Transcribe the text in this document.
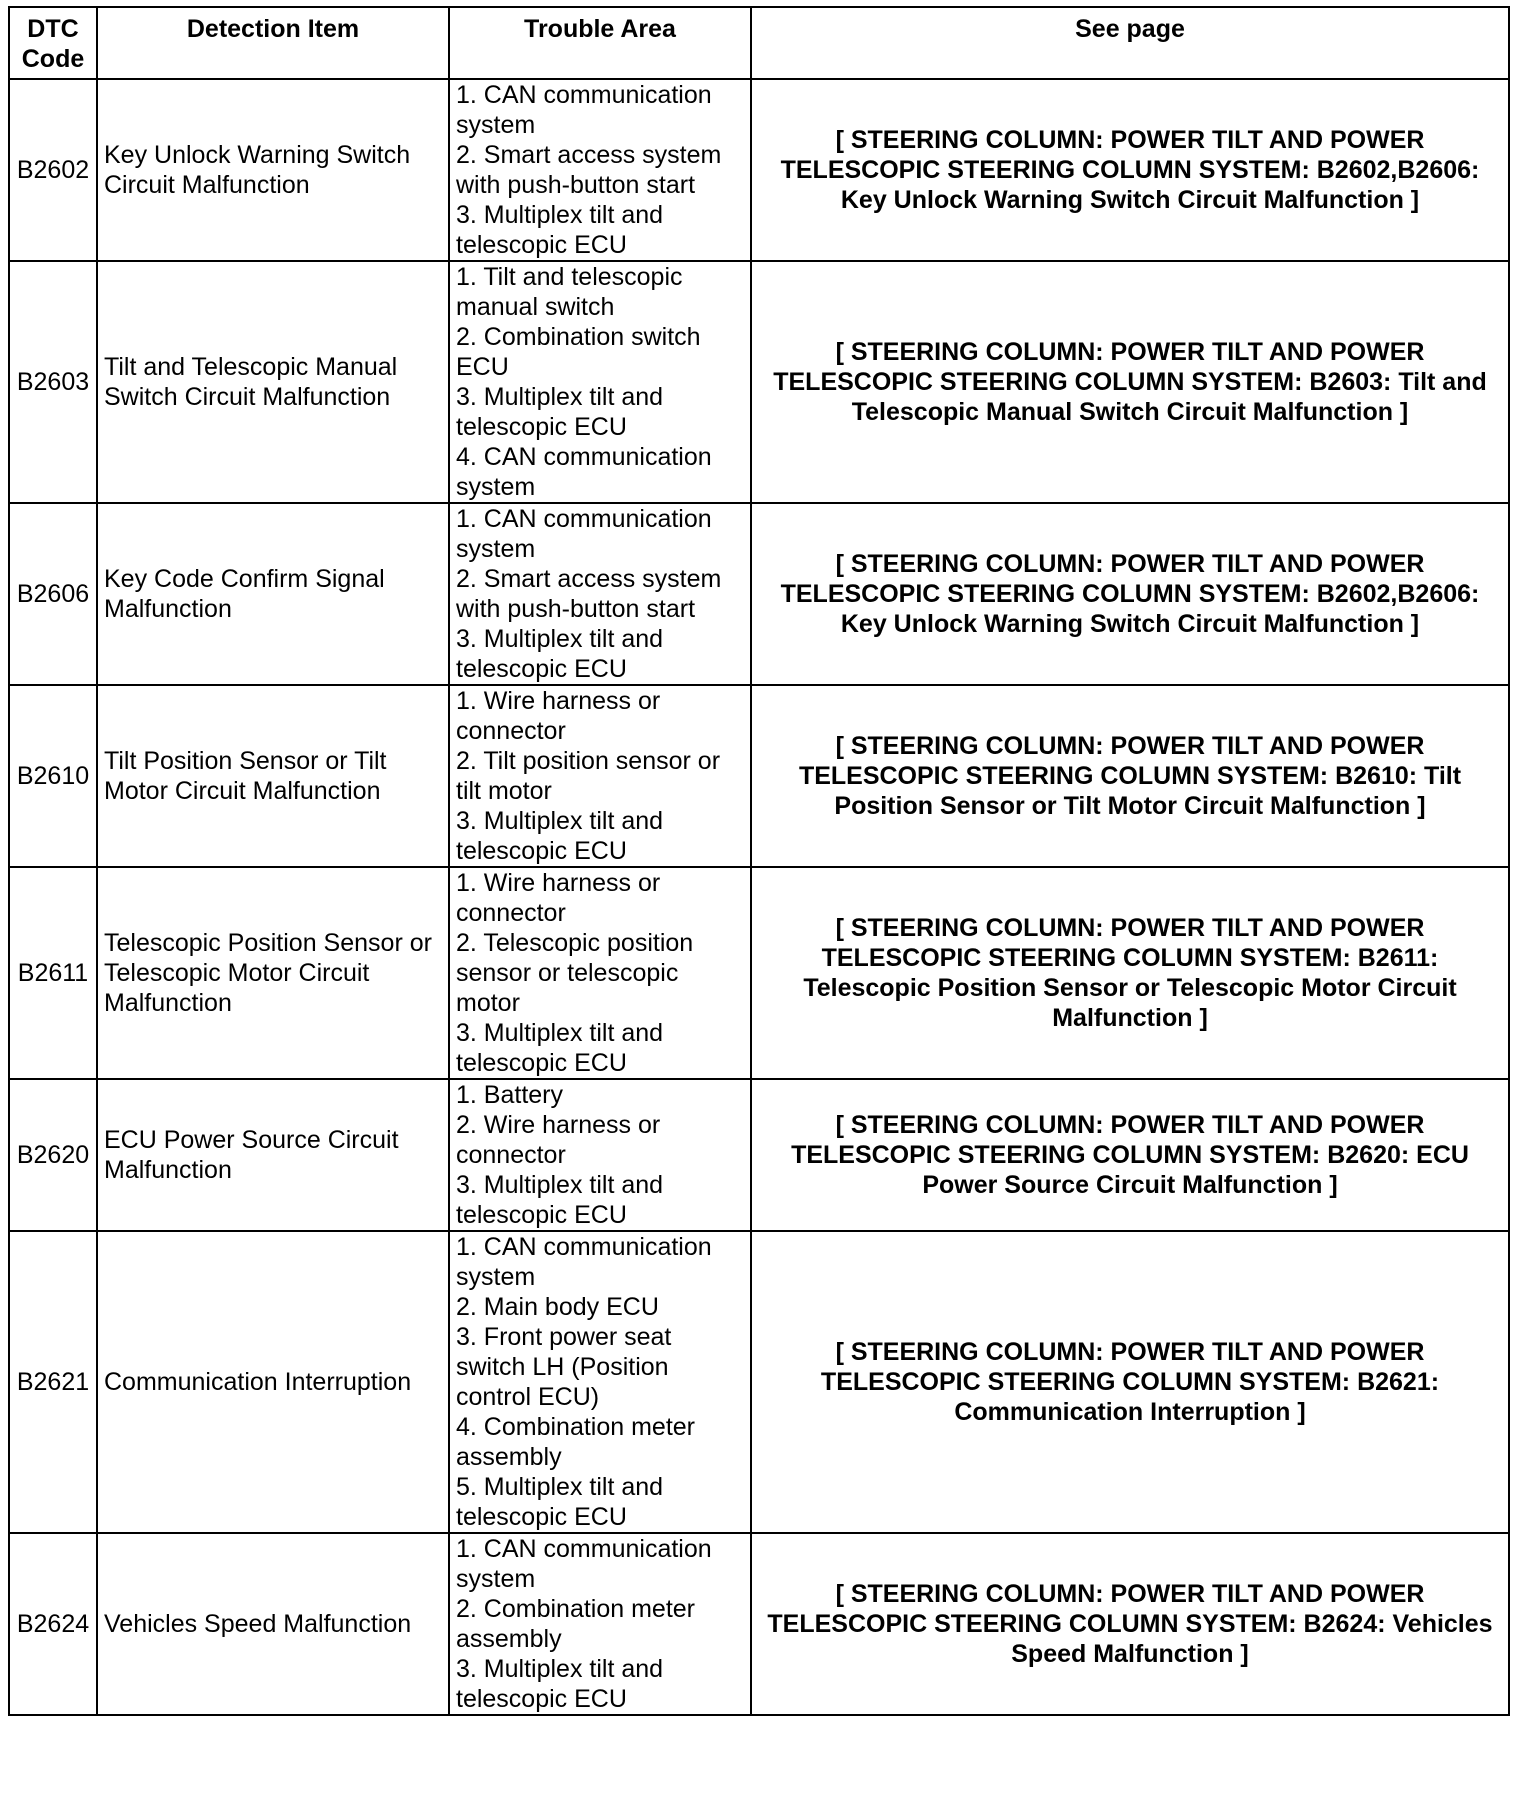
DTC
Code	Detection Item	Trouble Area	See page
B2602	Key Unlock Warning Switch Circuit Malfunction	1. CAN communication system
2. Smart access system with push-button start
3. Multiplex tilt and telescopic ECU	[ STEERING COLUMN: POWER TILT AND POWER TELESCOPIC STEERING COLUMN SYSTEM: B2602,B2606: Key Unlock Warning Switch Circuit Malfunction ]
B2603	Tilt and Telescopic Manual Switch Circuit Malfunction	1. Tilt and telescopic manual switch
2. Combination switch ECU
3. Multiplex tilt and telescopic ECU
4. CAN communication system	[ STEERING COLUMN: POWER TILT AND POWER TELESCOPIC STEERING COLUMN SYSTEM: B2603: Tilt and Telescopic Manual Switch Circuit Malfunction ]
B2606	Key Code Confirm Signal Malfunction	1. CAN communication system
2. Smart access system with push-button start
3. Multiplex tilt and telescopic ECU	[ STEERING COLUMN: POWER TILT AND POWER TELESCOPIC STEERING COLUMN SYSTEM: B2602,B2606: Key Unlock Warning Switch Circuit Malfunction ]
B2610	Tilt Position Sensor or Tilt Motor Circuit Malfunction	1. Wire harness or connector
2. Tilt position sensor or tilt motor
3. Multiplex tilt and telescopic ECU	[ STEERING COLUMN: POWER TILT AND POWER TELESCOPIC STEERING COLUMN SYSTEM: B2610: Tilt Position Sensor or Tilt Motor Circuit Malfunction ]
B2611	Telescopic Position Sensor or Telescopic Motor Circuit Malfunction	1. Wire harness or connector
2. Telescopic position sensor or telescopic motor
3. Multiplex tilt and telescopic ECU	[ STEERING COLUMN: POWER TILT AND POWER TELESCOPIC STEERING COLUMN SYSTEM: B2611: Telescopic Position Sensor or Telescopic Motor Circuit Malfunction ]
B2620	ECU Power Source Circuit Malfunction	1. Battery
2. Wire harness or connector
3. Multiplex tilt and telescopic ECU	[ STEERING COLUMN: POWER TILT AND POWER TELESCOPIC STEERING COLUMN SYSTEM: B2620: ECU Power Source Circuit Malfunction ]
B2621	Communication Interruption	1. CAN communication system
2. Main body ECU
3. Front power seat switch LH (Position control ECU)
4. Combination meter assembly
5. Multiplex tilt and telescopic ECU	[ STEERING COLUMN: POWER TILT AND POWER TELESCOPIC STEERING COLUMN SYSTEM: B2621: Communication Interruption ]
B2624	Vehicles Speed Malfunction	1. CAN communication system
2. Combination meter assembly
3. Multiplex tilt and telescopic ECU	[ STEERING COLUMN: POWER TILT AND POWER TELESCOPIC STEERING COLUMN SYSTEM: B2624: Vehicles Speed Malfunction ]
